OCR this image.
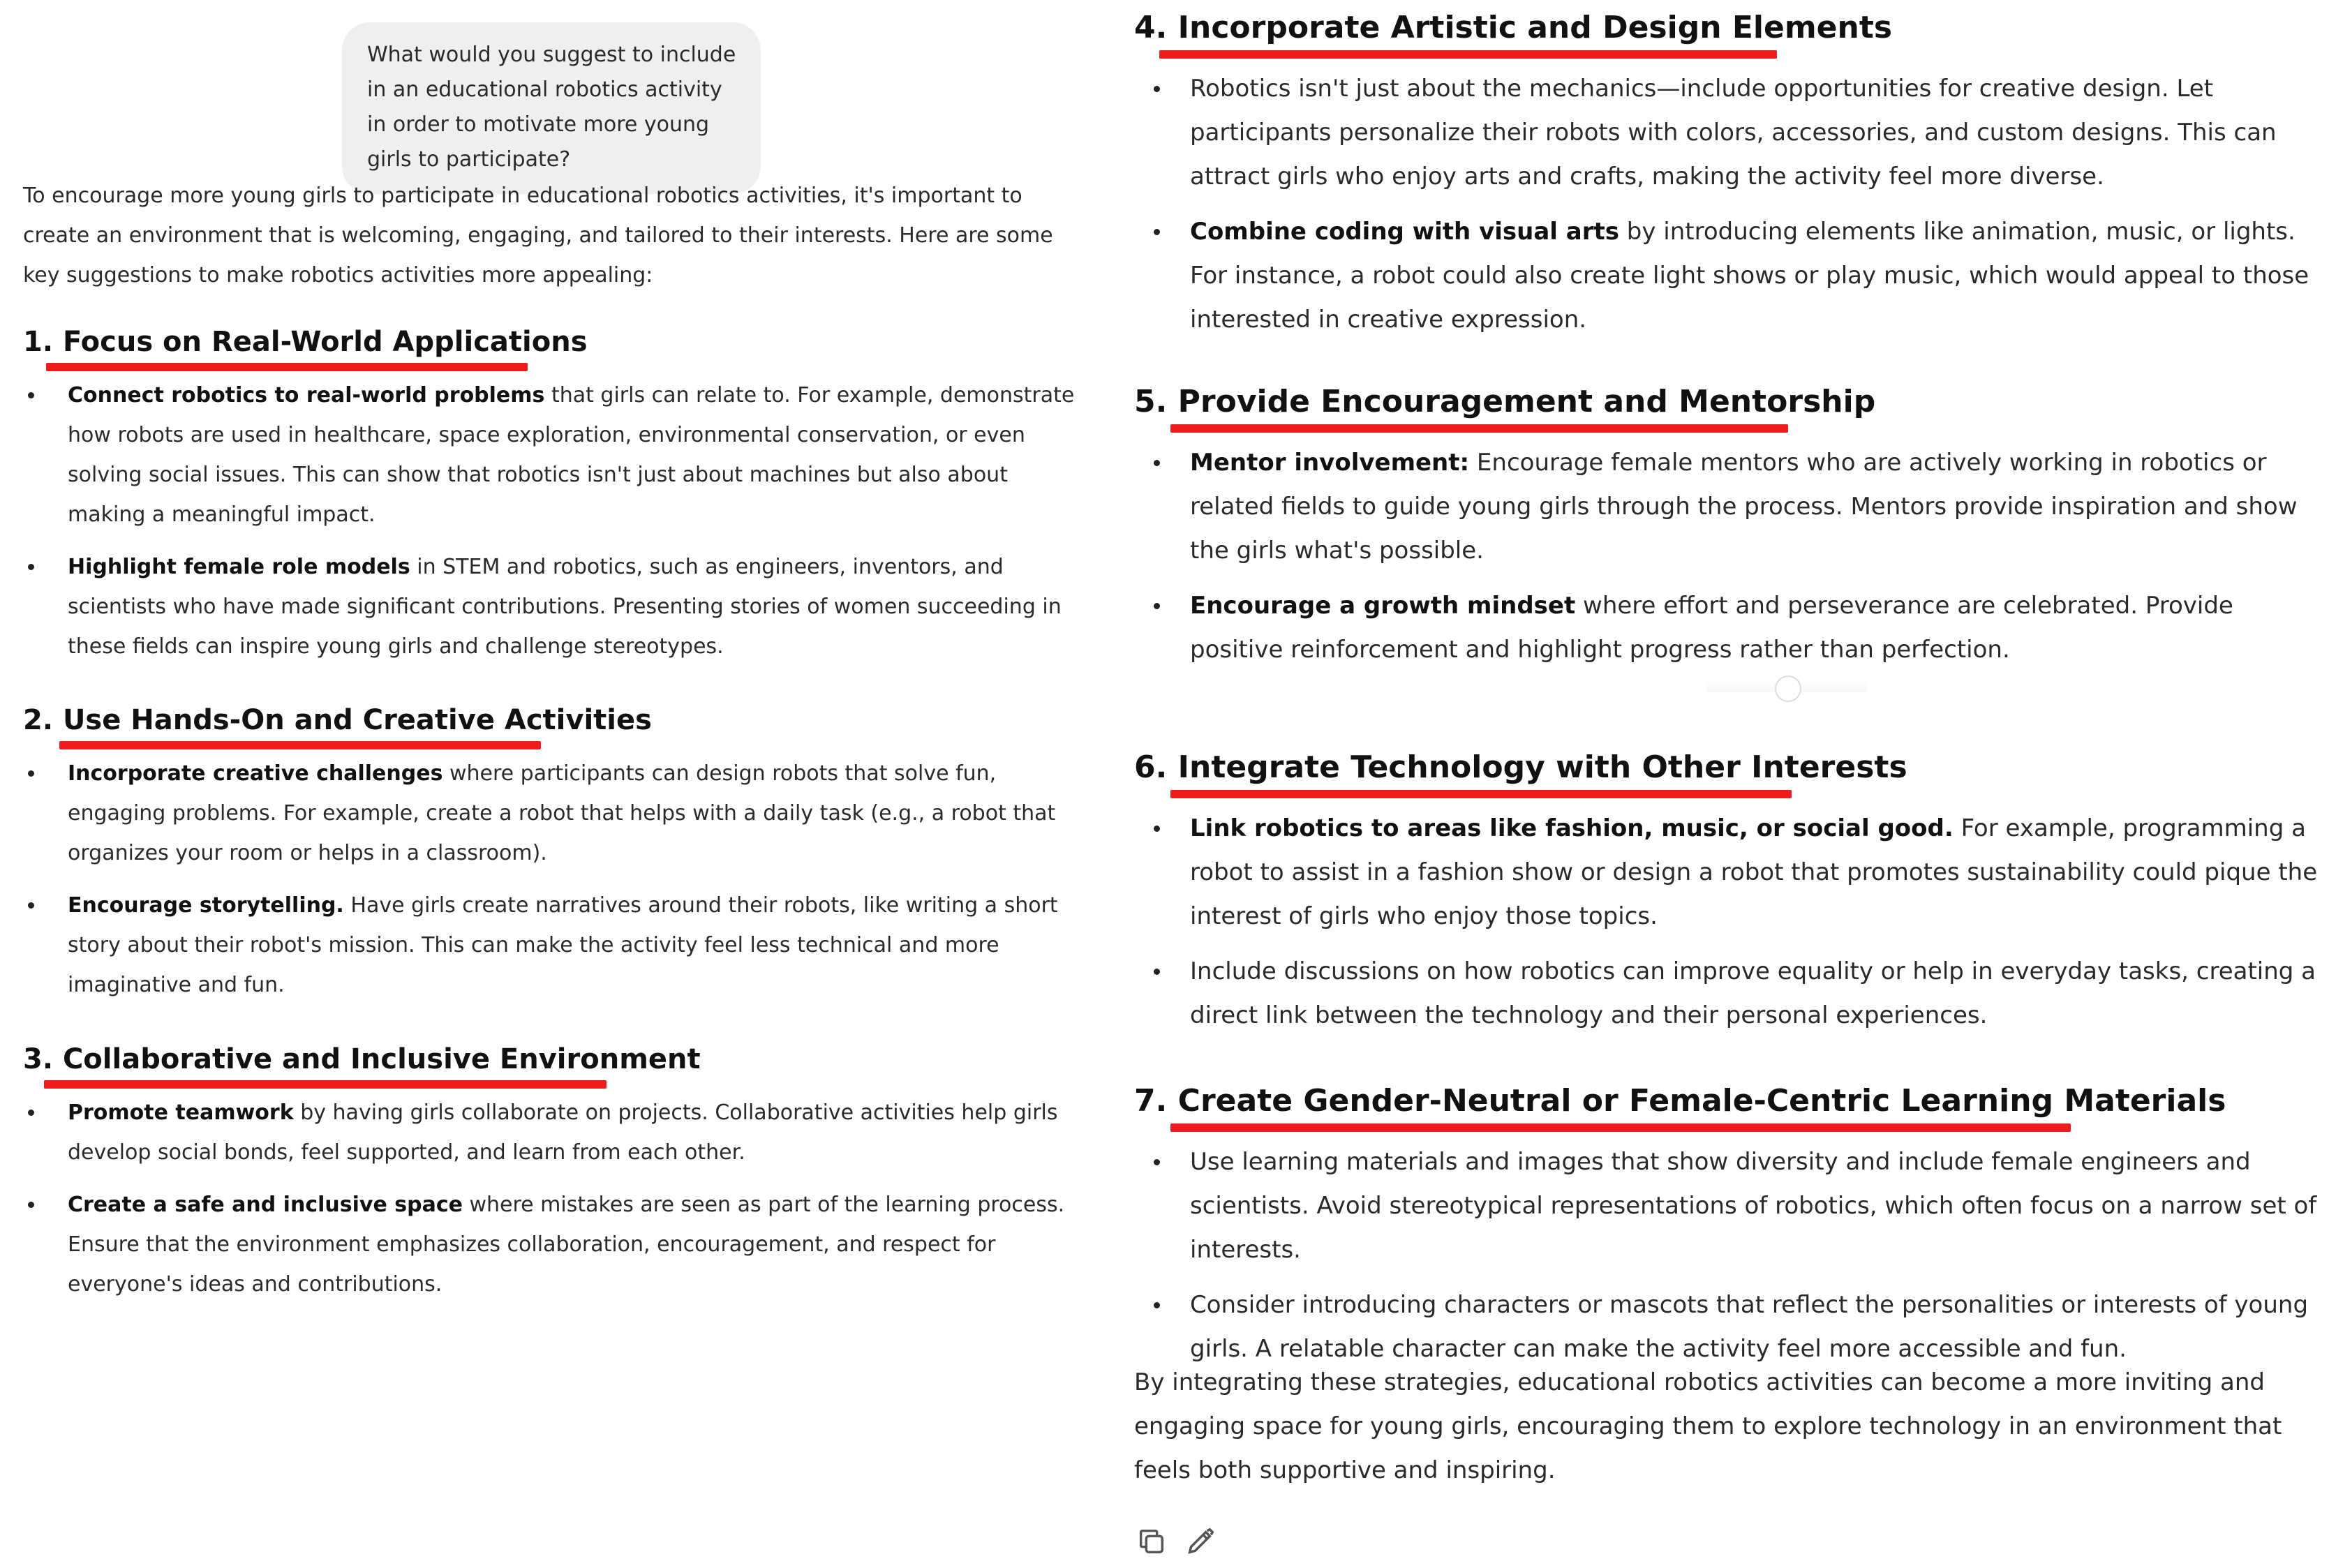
What would you suggest to include in an educational robotics activity in order to motivate more young girls to participate?

To encourage more young girls to participate in educational robotics activities, it's important to create an environment that is welcoming, engaging, and tailored to their interests. Here are some key suggestions to make robotics activities more appealing:

1. Focus on Real-World Applications
Connect robotics to real-world problems that girls can relate to. For example, demonstrate how robots are used in healthcare, space exploration, environmental conservation, or even solving social issues. This can show that robotics isn't just about machines but also about making a meaningful impact.
Highlight female role models in STEM and robotics, such as engineers, inventors, and scientists who have made significant contributions. Presenting stories of women succeeding in these fields can inspire young girls and challenge stereotypes.
2. Use Hands-On and Creative Activities
Incorporate creative challenges where participants can design robots that solve fun, engaging problems. For example, create a robot that helps with a daily task (e.g., a robot that organizes your room or helps in a classroom).
Encourage storytelling. Have girls create narratives around their robots, like writing a short story about their robot's mission. This can make the activity feel less technical and more imaginative and fun.
3. Collaborative and Inclusive Environment
Promote teamwork by having girls collaborate on projects. Collaborative activities help girls develop social bonds, feel supported, and learn from each other.
Create a safe and inclusive space where mistakes are seen as part of the learning process. Ensure that the environment emphasizes collaboration, encouragement, and respect for everyone's ideas and contributions.
4. Incorporate Artistic and Design Elements
Robotics isn't just about the mechanics—include opportunities for creative design. Let participants personalize their robots with colors, accessories, and custom designs. This can attract girls who enjoy arts and crafts, making the activity feel more diverse.
Combine coding with visual arts by introducing elements like animation, music, or lights. For instance, a robot could also create light shows or play music, which would appeal to those interested in creative expression.
5. Provide Encouragement and Mentorship
Mentor involvement: Encourage female mentors who are actively working in robotics or related fields to guide young girls through the process. Mentors provide inspiration and show the girls what's possible.
Encourage a growth mindset where effort and perseverance are celebrated. Provide positive reinforcement and highlight progress rather than perfection.
6. Integrate Technology with Other Interests
Link robotics to areas like fashion, music, or social good. For example, programming a robot to assist in a fashion show or design a robot that promotes sustainability could pique the interest of girls who enjoy those topics.
Include discussions on how robotics can improve equality or help in everyday tasks, creating a direct link between the technology and their personal experiences.
7. Create Gender-Neutral or Female-Centric Learning Materials
Use learning materials and images that show diversity and include female engineers and scientists. Avoid stereotypical representations of robotics, which often focus on a narrow set of interests.
Consider introducing characters or mascots that reflect the personalities or interests of young girls. A relatable character can make the activity feel more accessible and fun.

By integrating these strategies, educational robotics activities can become a more inviting and engaging space for young girls, encouraging them to explore technology in an environment that feels both supportive and inspiring.
